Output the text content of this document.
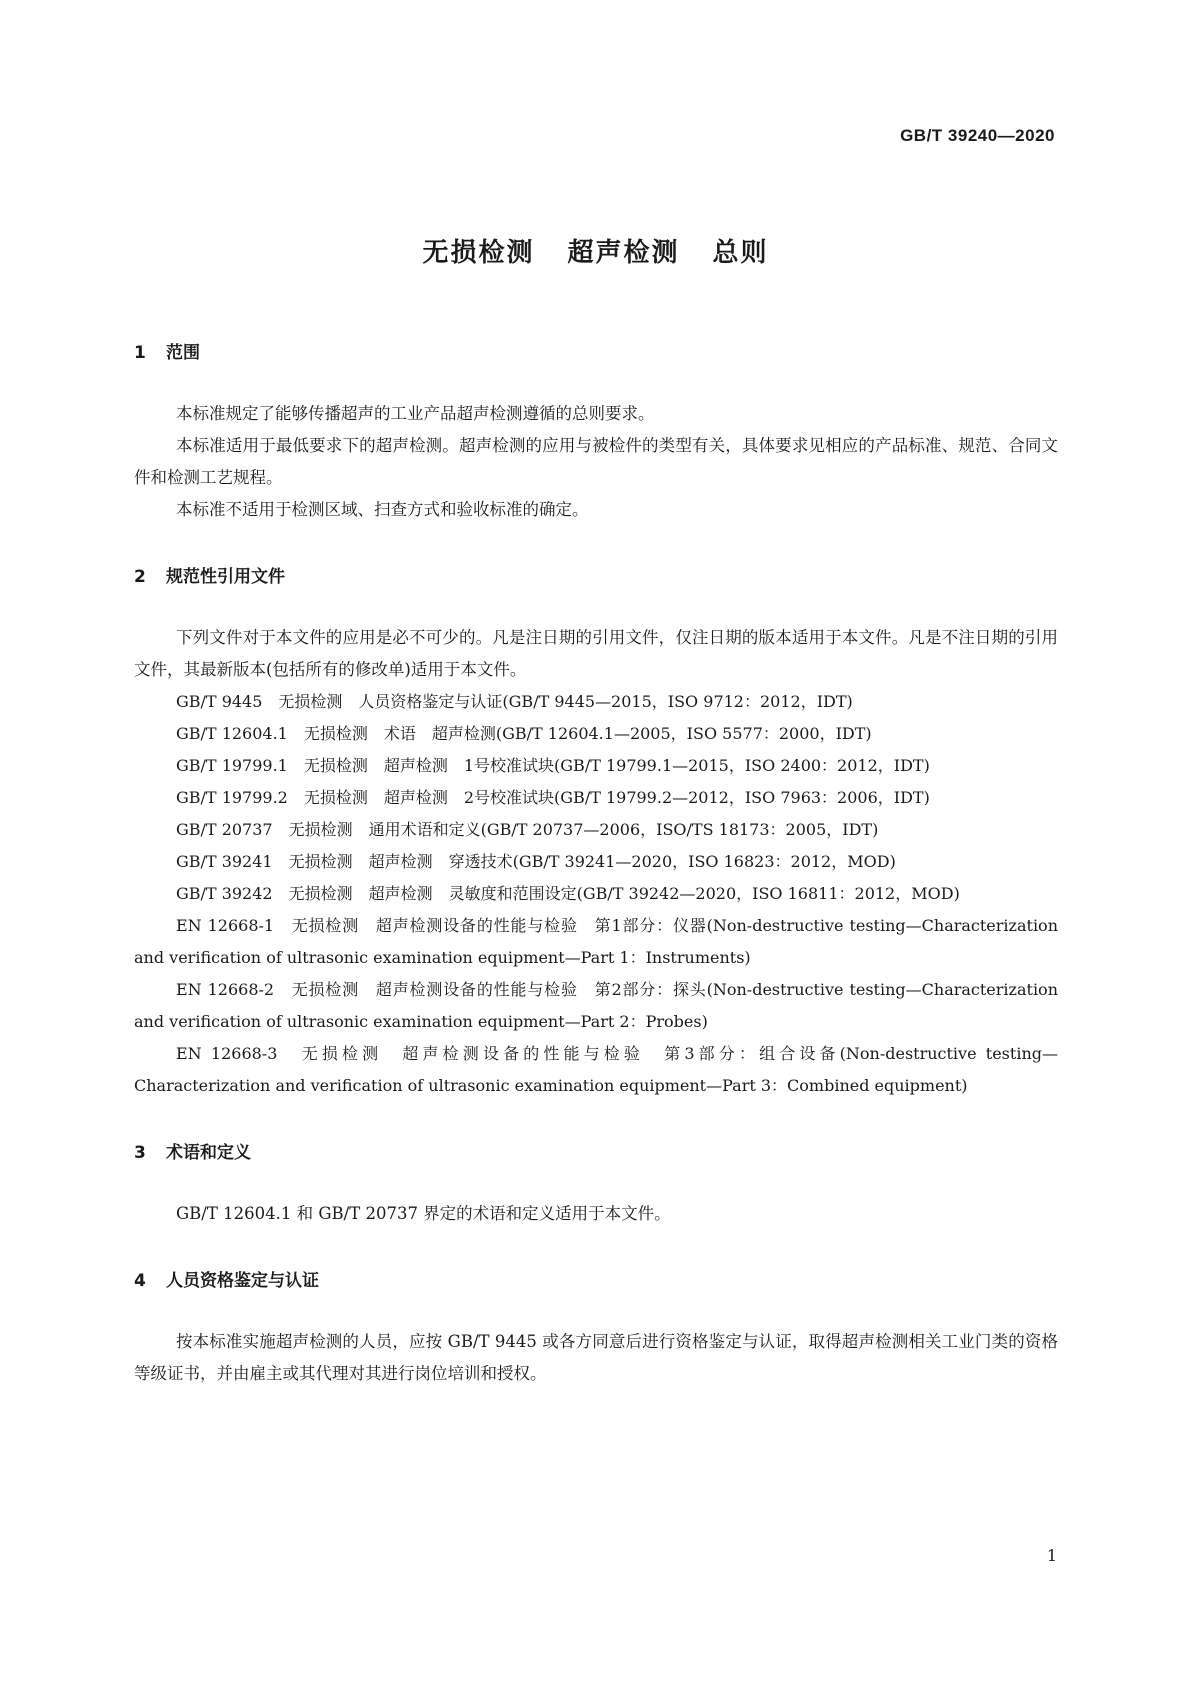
GB/T 39240—2020
无损检测 超声检测 总则
1 范围

本标准规定了能够传播超声的工业产品超声检测遵循的总则要求。

本标准适用于最低要求下的超声检测。超声检测的应用与被检件的类型有关，具体要求见相应的产品标准、规范、合同文件和检测工艺规程。

本标准不适用于检测区域、扫查方式和验收标准的确定。

2 规范性引用文件

下列文件对于本文件的应用是必不可少的。凡是注日期的引用文件，仅注日期的版本适用于本文件。凡是不注日期的引用文件，其最新版本(包括所有的修改单)适用于本文件。

GB/T 9445　无损检测　人员资格鉴定与认证(GB/T 9445—2015，ISO 9712：2012，IDT)

GB/T 12604.1　无损检测　术语　超声检测(GB/T 12604.1—2005，ISO 5577：2000，IDT)

GB/T 19799.1　无损检测　超声检测　1号校准试块(GB/T 19799.1—2015，ISO 2400：2012，IDT)

GB/T 19799.2　无损检测　超声检测　2号校准试块(GB/T 19799.2—2012，ISO 7963：2006，IDT)

GB/T 20737　无损检测　通用术语和定义(GB/T 20737—2006，ISO/TS 18173：2005，IDT)

GB/T 39241　无损检测　超声检测　穿透技术(GB/T 39241—2020，ISO 16823：2012，MOD)

GB/T 39242　无损检测　超声检测　灵敏度和范围设定(GB/T 39242—2020，ISO 16811：2012，MOD)

EN 12668-1　无损检测　超声检测设备的性能与检验　第1部分：仪器(Non-destructive testing—Characterization and verification of ultrasonic examination equipment—Part 1：Instruments)

EN 12668-2　无损检测　超声检测设备的性能与检验　第2部分：探头(Non-destructive testing—Characterization and verification of ultrasonic examination equipment—Part 2：Probes)

EN 12668-3　无损检测　超声检测设备的性能与检验　第3部分：组合设备(Non-destructive testing—Characterization and verification of ultrasonic examination equipment—Part 3：Combined equipment)

3 术语和定义

GB/T 12604.1 和 GB/T 20737 界定的术语和定义适用于本文件。

4 人员资格鉴定与认证

按本标准实施超声检测的人员，应按 GB/T 9445 或各方同意后进行资格鉴定与认证，取得超声检测相关工业门类的资格等级证书，并由雇主或其代理对其进行岗位培训和授权。

1
